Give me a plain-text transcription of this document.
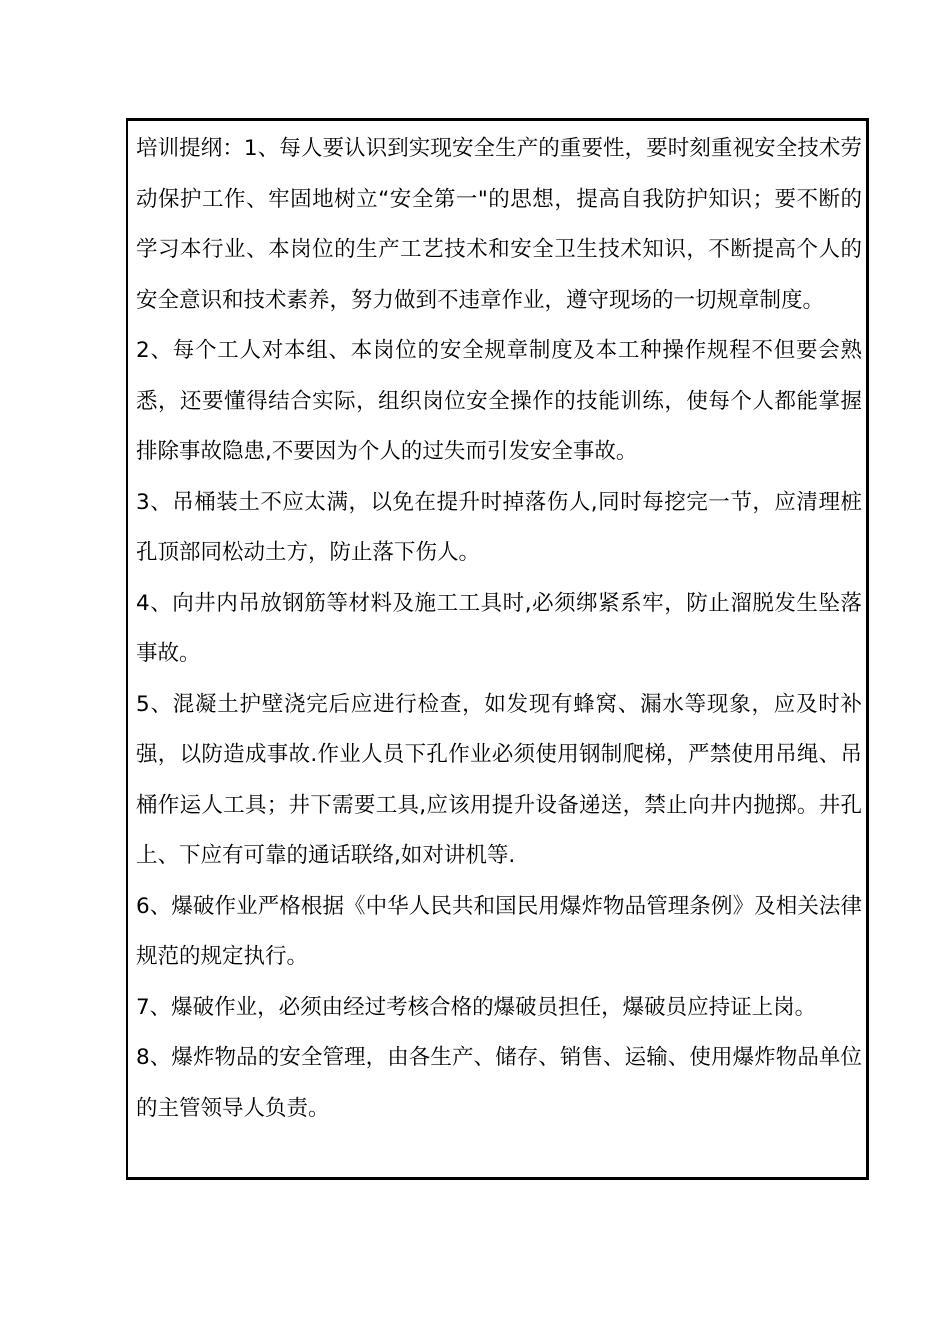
培训提纲：1、每人要认识到实现安全生产的重要性，要时刻重视安全技术劳动保护工作、牢固地树立“安全第一"的思想，提高自我防护知识；要不断的学习本行业、本岗位的生产工艺技术和安全卫生技术知识，不断提高个人的安全意识和技术素养，努力做到不违章作业，遵守现场的一切规章制度。

2、每个工人对本组、本岗位的安全规章制度及本工种操作规程不但要会熟悉，还要懂得结合实际，组织岗位安全操作的技能训练，使每个人都能掌握排除事故隐患,不要因为个人的过失而引发安全事故。

3、吊桶装土不应太满，以免在提升时掉落伤人,同时每挖完一节，应清理桩孔顶部同松动土方，防止落下伤人。

4、向井内吊放钢筋等材料及施工工具时,必须绑紧系牢，防止溜脱发生坠落事故。

5、混凝土护壁浇完后应进行检查，如发现有蜂窝、漏水等现象，应及时补强，以防造成事故.作业人员下孔作业必须使用钢制爬梯，严禁使用吊绳、吊桶作运人工具；井下需要工具,应该用提升设备递送，禁止向井内抛掷。井孔上、下应有可靠的通话联络,如对讲机等.

6、爆破作业严格根据《中华人民共和国民用爆炸物品管理条例》及相关法律规范的规定执行。

7、爆破作业，必须由经过考核合格的爆破员担任，爆破员应持证上岗。

8、爆炸物品的安全管理，由各生产、储存、销售、运输、使用爆炸物品单位的主管领导人负责。
